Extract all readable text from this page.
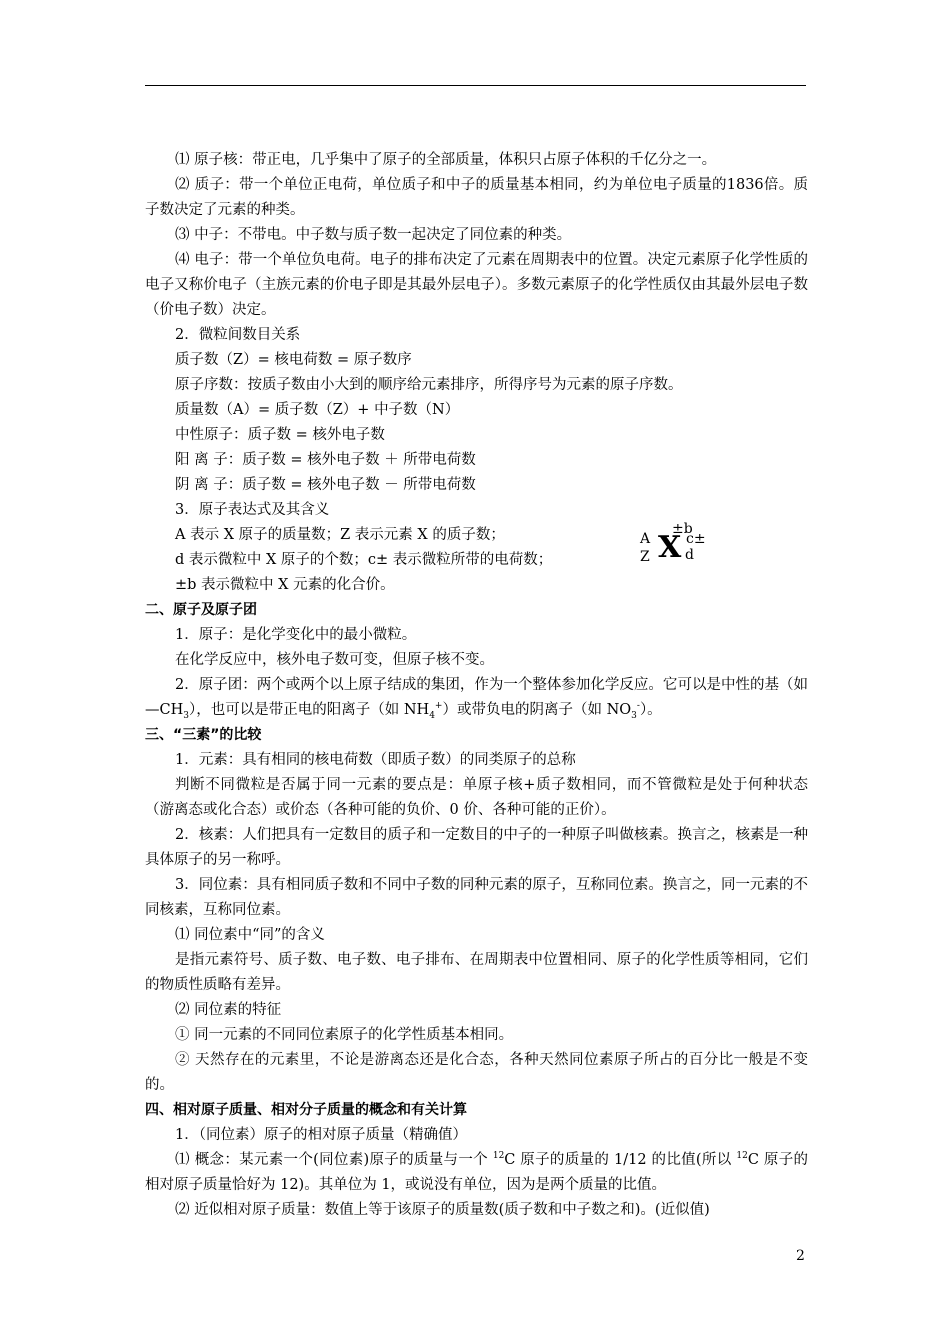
⑴ 原子核：带正电，几乎集中了原子的全部质量，体积只占原子体积的千亿分之一。

⑵ 质子：带一个单位正电荷，单位质子和中子的质量基本相同，约为单位电子质量的1836倍。质子数决定了元素的种类。

⑶ 中子：不带电。中子数与质子数一起决定了同位素的种类。

⑷ 电子：带一个单位负电荷。电子的排布决定了元素在周期表中的位置。决定元素原子化学性质的电子又称价电子（主族元素的价电子即是其最外层电子）。多数元素原子的化学性质仅由其最外层电子数（价电子数）决定。

2．微粒间数目关系

质子数（Z）= 核电荷数 = 原子数序

原子序数：按质子数由小大到的顺序给元素排序，所得序号为元素的原子序数。

质量数（A）= 质子数（Z）+ 中子数（N）

中性原子：质子数 = 核外电子数

阳 离 子：质子数 = 核外电子数 ＋ 所带电荷数

阴 离 子：质子数 = 核外电子数 － 所带电荷数

3．原子表达式及其含义

A 表示 X 原子的质量数；Z 表示元素 X 的质子数；

d 表示微粒中 X 原子的个数；c± 表示微粒所带的电荷数；

±b 表示微粒中 X 元素的化合价。

A
Z X
±b
c±
d

二、原子及原子团

1．原子：是化学变化中的最小微粒。

在化学反应中，核外电子数可变，但原子核不变。

2．原子团：两个或两个以上原子结成的集团，作为一个整体参加化学反应。它可以是中性的基（如$—CH_3$），也可以是带正电的阳离子（如 $NH_4^+$）或带负电的阴离子（如 $NO_3^-$）。

三、“三素”的比较

1．元素：具有相同的核电荷数（即质子数）的同类原子的总称

判断不同微粒是否属于同一元素的要点是：单原子核+质子数相同，而不管微粒是处于何种状态（游离态或化合态）或价态（各种可能的负价、0 价、各种可能的正价）。

2．核素：人们把具有一定数目的质子和一定数目的中子的一种原子叫做核素。换言之，核素是一种具体原子的另一称呼。

3．同位素：具有相同质子数和不同中子数的同种元素的原子，互称同位素。换言之，同一元素的不同核素，互称同位素。

⑴ 同位素中“同”的含义

是指元素符号、质子数、电子数、电子排布、在周期表中位置相同、原子的化学性质等相同，它们的物质性质略有差异。

⑵ 同位素的特征

① 同一元素的不同同位素原子的化学性质基本相同。

② 天然存在的元素里，不论是游离态还是化合态，各种天然同位素原子所占的百分比一般是不变的。

四、相对原子质量、相对分子质量的概念和有关计算

1．（同位素）原子的相对原子质量（精确值）

⑴ 概念：某元素一个(同位素)原子的质量与一个 $^{12}$C 原子的质量的 1/12 的比值(所以 $^{12}$C 原子的相对原子质量恰好为 12)。其单位为 1，或说没有单位，因为是两个质量的比值。

⑵ 近似相对原子质量：数值上等于该原子的质量数(质子数和中子数之和)。(近似值)

2
